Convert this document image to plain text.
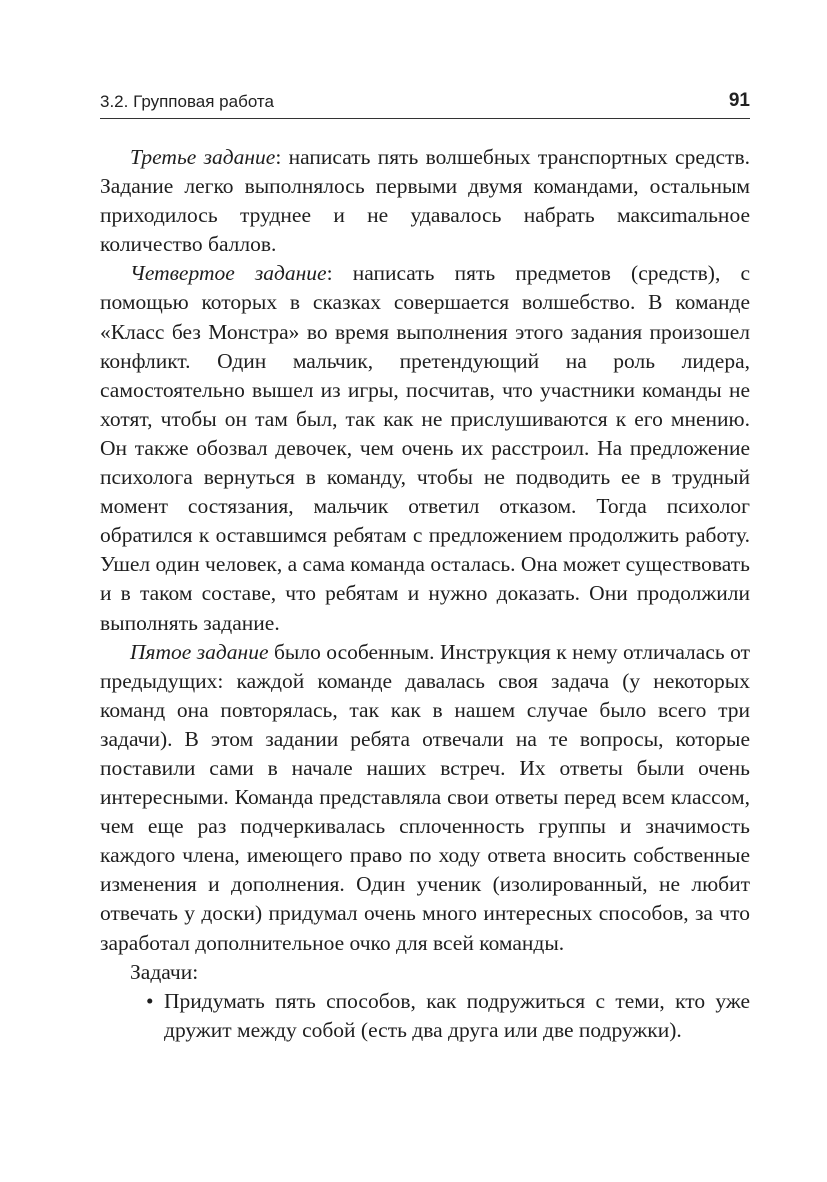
3.2. Групповая работа	91

Третье задание: написать пять волшебных транспортных средств. Задание легко выполнялось первыми двумя командами, остальным приходилось труднее и не удавалось набрать максиmальное количество баллов.

Четвертое задание: написать пять предметов (средств), с помощью которых в сказках совершается волшебство. В команде «Класс без Монстра» во время выполнения этого задания произошел конфликт. Один мальчик, претендующий на роль лидера, самостоятельно вышел из игры, посчитав, что участники команды не хотят, чтобы он там был, так как не прислушиваются к его мнению. Он также обозвал девочек, чем очень их расстроил. На предложение психолога вернуться в команду, чтобы не подводить ее в трудный момент состязания, мальчик ответил отказом. Тогда психолог обратился к оставшимся ребятам с предложением продолжить работу. Ушел один человек, а сама команда осталась. Она может существовать и в таком составе, что ребятам и нужно доказать. Они продолжили выполнять задание.

Пятое задание было особенным. Инструкция к нему отличалась от предыдущих: каждой команде давалась своя задача (у некоторых команд она повторялась, так как в нашем случае было всего три задачи). В этом задании ребята отвечали на те вопросы, которые поставили сами в начале наших встреч. Их ответы были очень интересными. Команда представляла свои ответы перед всем классом, чем еще раз подчеркивалась сплоченность группы и значимость каждого члена, имеющего право по ходу ответа вносить собственные изменения и дополнения. Один ученик (изолированный, не любит отвечать у доски) придумал очень много интересных способов, за что заработал дополнительное очко для всей команды.

Задачи:

• Придумать пять способов, как подружиться с теми, кто уже дружит между собой (есть два друга или две подружки).
